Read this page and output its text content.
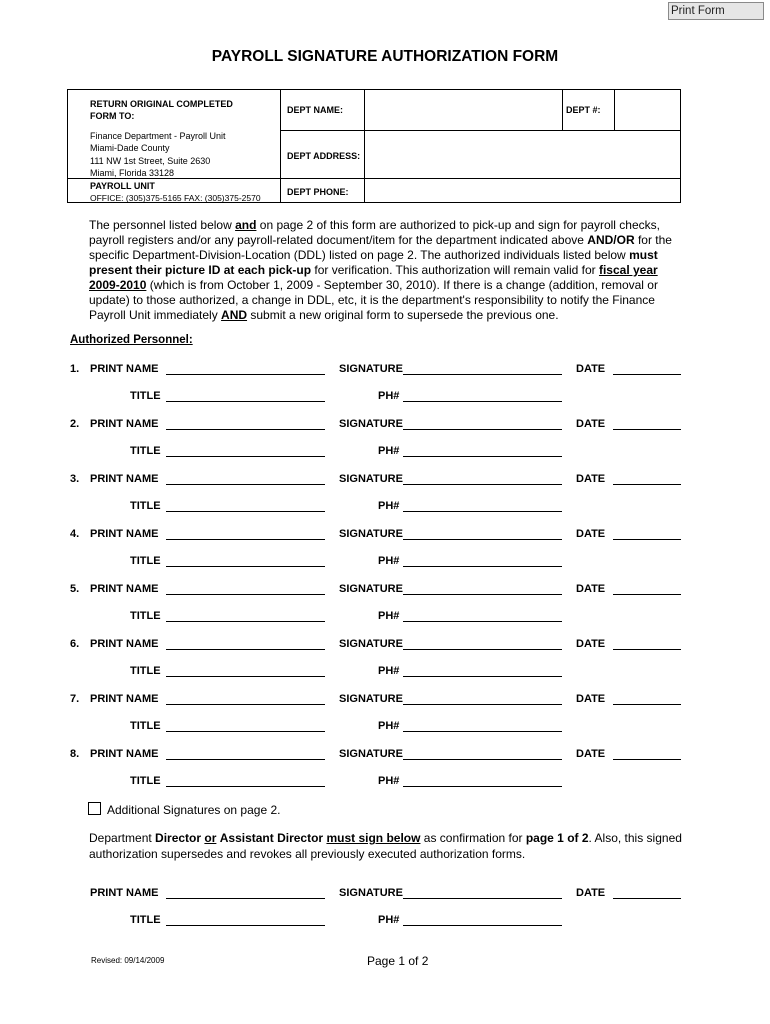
Print Form
PAYROLL SIGNATURE AUTHORIZATION FORM
RETURN ORIGINAL COMPLETED
FORM TO:
Finance Department - Payroll Unit
Miami-Dade County
111 NW 1st Street, Suite 2630
Miami, Florida 33128
PAYROLL UNIT
OFFICE: (305)375-5165 FAX: (305)375-2570
DEPT NAME:	DEPT #:
DEPT ADDRESS:
DEPT PHONE:
The personnel listed below and on page 2 of this form are authorized to pick-up and sign for payroll checks, payroll registers and/or any payroll-related document/item for the department indicated above AND/OR for the specific Department-Division-Location (DDL) listed on page 2. The authorized individuals listed below must present their picture ID at each pick-up for verification. This authorization will remain valid for fiscal year 2009-2010 (which is from October 1, 2009 - September 30, 2010). If there is a change (addition, removal or update) to those authorized, a change in DDL, etc, it is the department's responsibility to notify the Finance Payroll Unit immediately AND submit a new original form to supersede the previous one.
Authorized Personnel:
1. PRINT NAME	SIGNATURE	DATE
TITLE	PH#
2. PRINT NAME	SIGNATURE	DATE
TITLE	PH#
3. PRINT NAME	SIGNATURE	DATE
TITLE	PH#
4. PRINT NAME	SIGNATURE	DATE
TITLE	PH#
5. PRINT NAME	SIGNATURE	DATE
TITLE	PH#
6. PRINT NAME	SIGNATURE	DATE
TITLE	PH#
7. PRINT NAME	SIGNATURE	DATE
TITLE	PH#
8. PRINT NAME	SIGNATURE	DATE
TITLE	PH#
Additional Signatures on page 2.
Department Director or Assistant Director must sign below as confirmation for page 1 of 2. Also, this signed authorization supersedes and revokes all previously executed authorization forms.
PRINT NAME	SIGNATURE	DATE
TITLE	PH#
Revised: 09/14/2009	Page 1 of 2
